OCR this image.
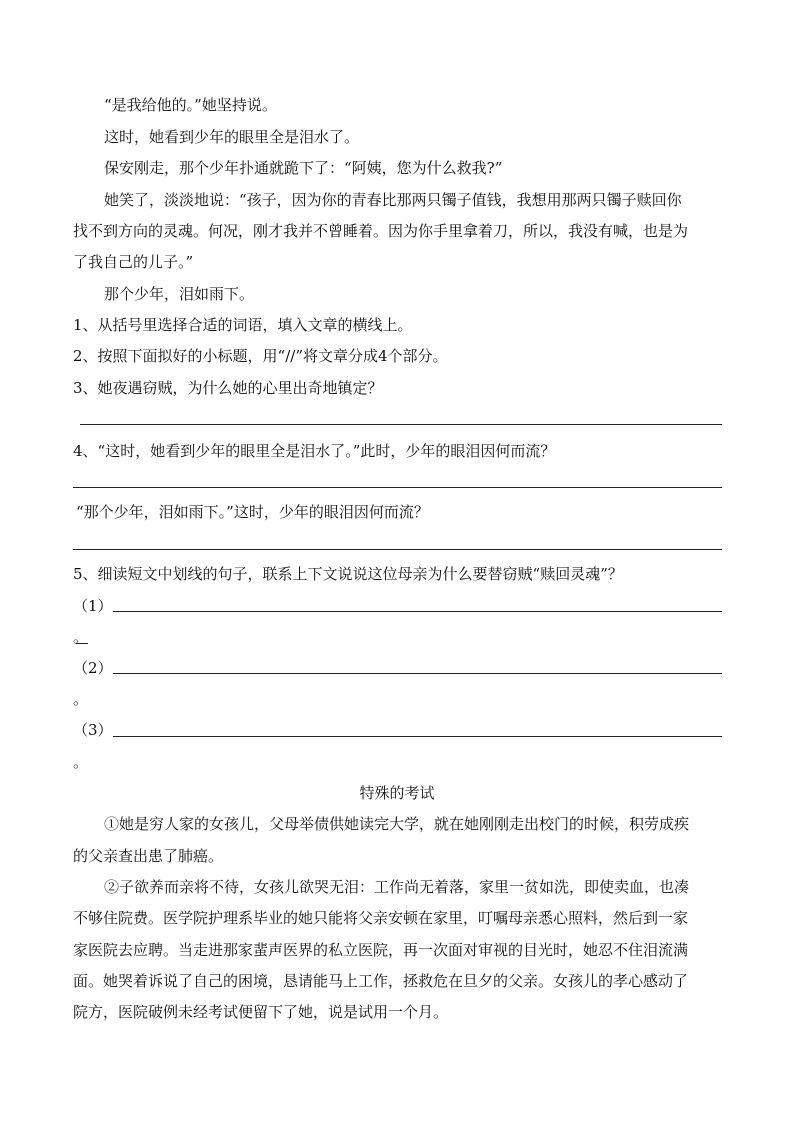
“是我给他的。”她坚持说。
这时，她看到少年的眼里全是泪水了。
保安刚走，那个少年扑通就跪下了：“阿姨，您为什么救我?”
她笑了，淡淡地说：“孩子，因为你的青春比那两只镯子值钱，我想用那两只镯子赎回你
找不到方向的灵魂。何况，刚才我并不曾睡着。因为你手里拿着刀，所以，我没有喊，也是为
了我自己的儿子。”
那个少年，泪如雨下。
1、从括号里选择合适的词语，填入文章的横线上。
2、按照下面拟好的小标题，用“//”将文章分成4个部分。
3、她夜遇窃贼，为什么她的心里出奇地镇定？
4、“这时，她看到少年的眼里全是泪水了。”此时，少年的眼泪因何而流？
“那个少年，泪如雨下。”这时，少年的眼泪因何而流？
5、细读短文中划线的句子，联系上下文说说这位母亲为什么要替窃贼“赎回灵魂”？
（1）
。
（2）
。
（3）
。
特殊的考试
①她是穷人家的女孩儿，父母举债供她读完大学，就在她刚刚走出校门的时候，积劳成疾
的父亲查出患了肺癌。
②子欲养而亲将不待，女孩儿欲哭无泪：工作尚无着落，家里一贫如洗，即使卖血，也凑
不够住院费。医学院护理系毕业的她只能将父亲安顿在家里，叮嘱母亲悉心照料，然后到一家
家医院去应聘。当走进那家蜚声医界的私立医院，再一次面对审视的目光时，她忍不住泪流满
面。她哭着诉说了自己的困境，恳请能马上工作，拯救危在旦夕的父亲。女孩儿的孝心感动了
院方，医院破例未经考试便留下了她，说是试用一个月。
